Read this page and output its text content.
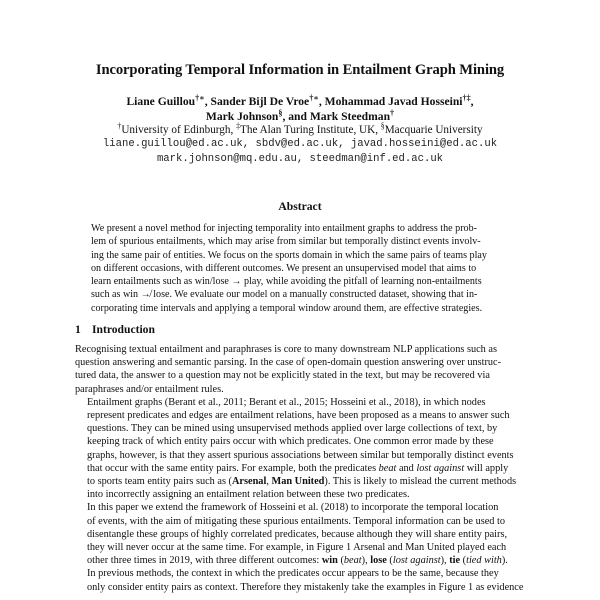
Incorporating Temporal Information in Entailment Graph Mining
Liane Guillou†∗, Sander Bijl De Vroe†∗, Mohammad Javad Hosseini†‡,
Mark Johnson§, and Mark Steedman†
†University of Edinburgh, ‡The Alan Turing Institute, UK, §Macquarie University
liane.guillou@ed.ac.uk, sbdv@ed.ac.uk, javad.hosseini@ed.ac.uk
mark.johnson@mq.edu.au, steedman@inf.ed.ac.uk
Abstract
We present a novel method for injecting temporality into entailment graphs to address the prob-
lem of spurious entailments, which may arise from similar but temporally distinct events involv-
ing the same pair of entities. We focus on the sports domain in which the same pairs of teams play
on different occasions, with different outcomes. We present an unsupervised model that aims to
learn entailments such as win/lose → play, while avoiding the pitfall of learning non-entailments
such as win ↛ lose. We evaluate our model on a manually constructed dataset, showing that in-
corporating time intervals and applying a temporal window around them, are effective strategies.
1 Introduction

Recognising textual entailment and paraphrases is core to many downstream NLP applications such as
question answering and semantic parsing. In the case of open-domain question answering over unstruc-
tured data, the answer to a question may not be explicitly stated in the text, but may be recovered via
paraphrases and/or entailment rules.

Entailment graphs (Berant et al., 2011; Berant et al., 2015; Hosseini et al., 2018), in which nodes
represent predicates and edges are entailment relations, have been proposed as a means to answer such
questions. They can be mined using unsupervised methods applied over large collections of text, by
keeping track of which entity pairs occur with which predicates. One common error made by these
graphs, however, is that they assert spurious associations between similar but temporally distinct events
that occur with the same entity pairs. For example, both the predicates beat and lost against will apply
to sports team entity pairs such as (Arsenal, Man United). This is likely to mislead the current methods
into incorrectly assigning an entailment relation between these two predicates.

In this paper we extend the framework of Hosseini et al. (2018) to incorporate the temporal location
of events, with the aim of mitigating these spurious entailments. Temporal information can be used to
disentangle these groups of highly correlated predicates, because although they will share entity pairs,
they will never occur at the same time. For example, in Figure 1 Arsenal and Man United played each
other three times in 2019, with three different outcomes: win (beat), lose (lost against), tie (tied with).

In previous methods, the context in which the predicates occur appears to be the same, because they
only consider entity pairs as context. Therefore they mistakenly take the examples in Figure 1 as evidence
